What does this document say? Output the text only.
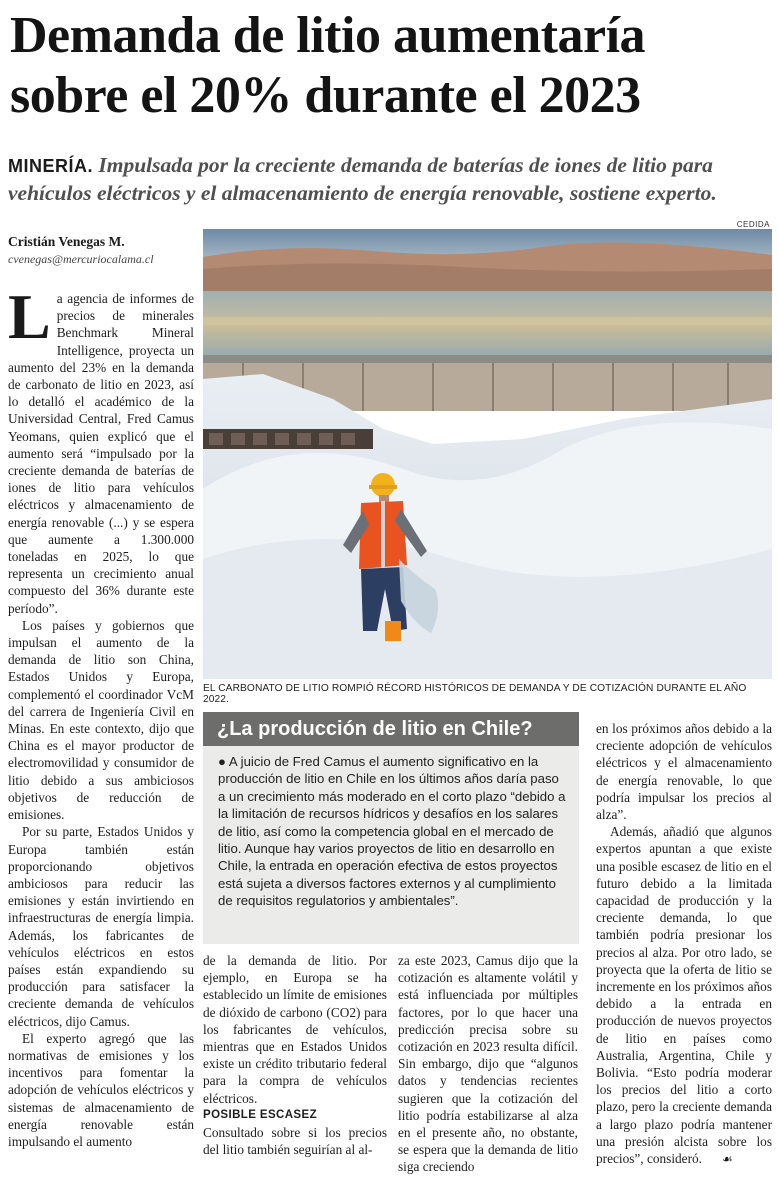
Demanda de litio aumentaría
sobre el 20% durante el 2023
MINERÍA. Impulsada por la creciente demanda de baterías de iones de litio para vehículos eléctricos y el almacenamiento de energía renovable, sostiene experto.
CEDIDA
Cristián Venegas M.
cvenegas@mercuriocalama.cl

La agencia de informes de precios de minerales Benchmark Mineral Intelligence, proyecta un aumento del 23% en la demanda de carbonato de litio en 2023, así lo detalló el académico de la Universidad Central, Fred Camus Yeomans, quien explicó que el aumento será “impulsado por la creciente demanda de baterías de iones de litio para vehículos eléctricos y almacenamiento de energía renovable (...) y se espera que aumente a 1.300.000 toneladas en 2025, lo que representa un crecimiento anual compuesto del 36% durante este período”.

Los países y gobiernos que impulsan el aumento de la demanda de litio son China, Estados Unidos y Europa, complementó el coordinador VcM del carrera de Ingeniería Civil en Minas. En este contexto, dijo que China es el mayor productor de electromovilidad y consumidor de litio debido a sus ambiciosos objetivos de reducción de emisiones.

Por su parte, Estados Unidos y Europa también están proporcionando objetivos ambiciosos para reducir las emisiones y están invirtiendo en infraestructuras de energía limpia. Además, los fabricantes de vehículos eléctricos en estos países están expandiendo su producción para satisfacer la creciente demanda de vehículos eléctricos, dijo Camus.

El experto agregó que las normativas de emisiones y los incentivos para fomentar la adopción de vehículos eléctricos y sistemas de almacenamiento de energía renovable están impulsando el aumento

EL CARBONATO DE LITIO ROMPIÓ RÉCORD HISTÓRICOS DE DEMANDA Y DE COTIZACIÓN DURANTE EL AÑO 2022.
¿La producción de litio en Chile?
● A juicio de Fred Camus el aumento significativo en la producción de litio en Chile en los últimos años daría paso a un crecimiento más moderado en el corto plazo “debido a la limitación de recursos hídricos y desafíos en los salares de litio, así como la competencia global en el mercado de litio. Aunque hay varios proyectos de litio en desarrollo en Chile, la entrada en operación efectiva de estos proyectos está sujeta a diversos factores externos y al cumplimiento de requisitos regulatorios y ambientales”.

de la demanda de litio. Por ejemplo, en Europa se ha establecido un límite de emisiones de dióxido de carbono (CO2) para los fabricantes de vehículos, mientras que en Estados Unidos existe un crédito tributario federal para la compra de vehículos eléctricos.

POSIBLE ESCASEZ

Consultado sobre si los precios del litio también seguirían al al-

za este 2023, Camus dijo que la cotización es altamente volátil y está influenciada por múltiples factores, por lo que hacer una predicción precisa sobre su cotización en 2023 resulta difícil. Sin embargo, dijo que “algunos datos y tendencias recientes sugieren que la cotización del litio podría estabilizarse al alza en el presente año, no obstante, se espera que la demanda de litio siga creciendo

en los próximos años debido a la creciente adopción de vehículos eléctricos y el almacenamiento de energía renovable, lo que podría impulsar los precios al alza”.

Además, añadió que algunos expertos apuntan a que existe una posible escasez de litio en el futuro debido a la limitada capacidad de producción y la creciente demanda, lo que también podría presionar los precios al alza. Por otro lado, se proyecta que la oferta de litio se incremente en los próximos años debido a la entrada en producción de nuevos proyectos de litio en países como Australia, Argentina, Chile y Bolivia. “Esto podría moderar los precios del litio a corto plazo, pero la creciente demanda a largo plazo podría mantener una presión alcista sobre los precios”, consideró. ☙
